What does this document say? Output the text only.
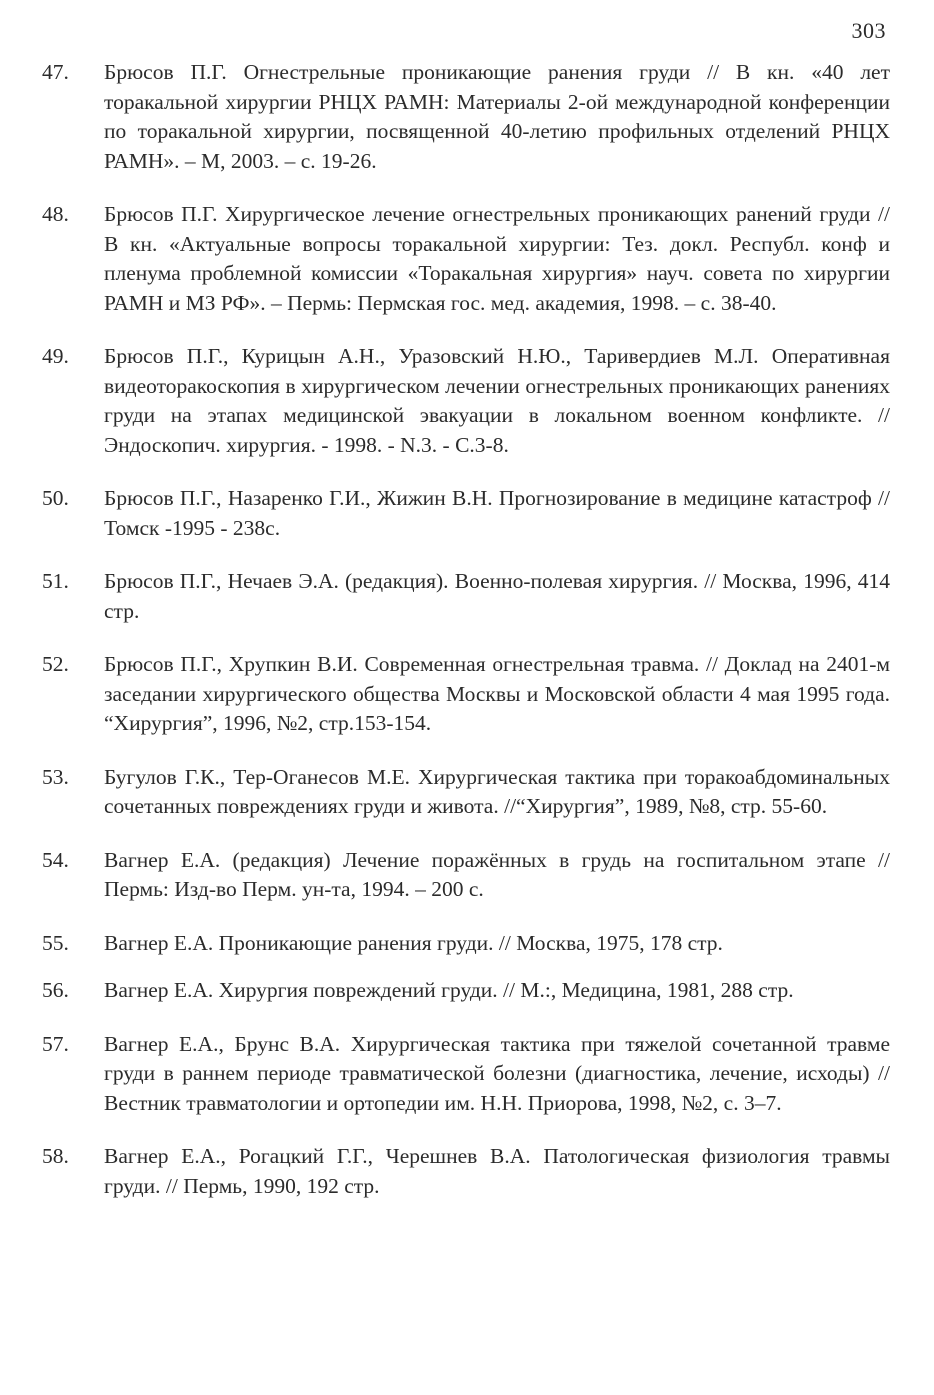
303
47.	Брюсов П.Г. Огнестрельные проникающие ранения груди // В кн. «40 лет торакальной хирургии РНЦХ РАМН: Материалы 2-ой международной конференции по торакальной хирургии, посвященной 40-летию профильных отделений РНЦХ РАМН». – М, 2003. – с. 19-26.
48.	Брюсов П.Г. Хирургическое лечение огнестрельных проникающих ранений груди // В кн. «Актуальные вопросы торакальной хирургии: Тез. докл. Республ. конф и пленума проблемной комиссии «Торакальная хирургия» науч. совета по хирургии РАМН и МЗ РФ». – Пермь: Пермская гос. мед. академия, 1998. – с. 38-40.
49.	Брюсов П.Г., Курицын А.Н., Уразовский Н.Ю., Таривердиев М.Л. Оперативная видеоторакоскопия в хирургическом лечении огнестрельных проникающих ранениях груди на этапах медицинской эвакуации в локальном военном конфликте. // Эндоскопич. хирургия. - 1998. - N.3. - С.3-8.
50.	Брюсов П.Г., Назаренко Г.И., Жижин В.Н. Прогнозирование в медицине катастроф // Томск -1995 - 238с.
51.	Брюсов П.Г., Нечаев Э.А. (редакция). Военно-полевая хирургия. // Москва, 1996, 414 стр.
52.	Брюсов П.Г., Хрупкин В.И. Современная огнестрельная травма. // Доклад на 2401-м заседании хирургического общества Москвы и Московской области 4 мая 1995 года. “Хирургия”, 1996, №2, стр.153-154.
53.	Бугулов Г.К., Тер-Оганесов М.Е. Хирургическая тактика при торакоабдоминальных сочетанных повреждениях груди и живота. //“Хирургия”, 1989, №8, стр. 55-60.
54.	Вагнер Е.А. (редакция) Лечение поражённых в грудь на госпитальном этапе // Пермь: Изд-во Перм. ун-та, 1994. – 200 с.
55.	Вагнер Е.А. Проникающие ранения груди. // Москва, 1975, 178 стр.
56.	Вагнер Е.А. Хирургия повреждений груди. // М.:, Медицина, 1981, 288 стр.
57.	Вагнер Е.А., Брунс В.А. Хирургическая тактика при тяжелой сочетанной травме груди в раннем периоде травматической болезни (диагностика, лечение, исходы) // Вестник травматологии и ортопедии им. Н.Н. Приорова, 1998, №2, с. 3–7.
58.	Вагнер Е.А., Рогацкий Г.Г., Черешнев В.А. Патологическая физиология травмы груди. // Пермь, 1990, 192 стр.
